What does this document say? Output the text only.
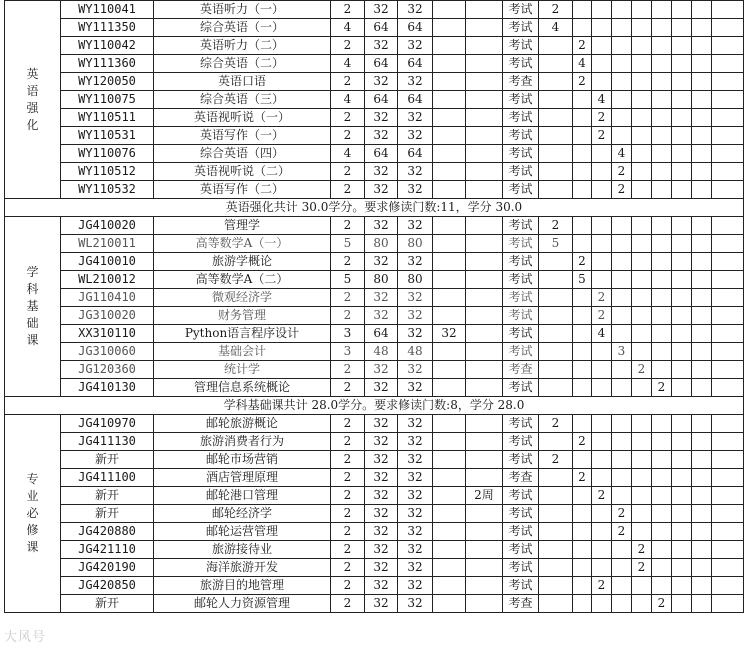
英
语
强
化	WY110041	英语听力（一）	2	32	32			考试	2								
	WY111350	综合英语（一）	4	64	64			考试	4								
	WY110042	英语听力（二）	2	32	32			考试		2							
	WY111360	综合英语（二）	4	64	64			考试		4							
	WY120050	英语口语	2	32	32			考查		2							
	WY110075	综合英语（三）	4	64	64			考试			4						
	WY110511	英语视听说（一）	2	32	32			考试			2						
	WY110531	英语写作（一）	2	32	32			考试			2						
	WY110076	综合英语（四）	4	64	64			考试				4					
	WY110512	英语视听说（二）	2	32	32			考试				2					
	WY110532	英语写作（二）	2	32	32			考试				2					
英语强化共计 30.0学分。要求修读门数:11，学分 30.0																	
学
科
基
础
课	JG410020	管理学	2	32	32			考试	2								
	WL210011	高等数学A（一）	5	80	80			考试	5								
	JG410010	旅游学概论	2	32	32			考试		2							
	WL210012	高等数学A（二）	5	80	80			考试		5							
	JG110410	微观经济学	2	32	32			考试			2						
	JG310020	财务管理	2	32	32			考试			2						
	XX310110	Python语言程序设计	3	64	32	32		考试			4						
	JG310060	基础会计	3	48	48			考试				3					
	JG120360	统计学	2	32	32			考查					2				
	JG410130	管理信息系统概论	2	32	32			考试						2			
学科基础课共计 28.0学分。要求修读门数:8，学分 28.0																	
专
业
必
修
课	JG410970	邮轮旅游概论	2	32	32			考试	2								
	JG411130	旅游消费者行为	2	32	32			考试		2							
	新开	邮轮市场营销	2	32	32			考试	2								
	JG411100	酒店管理原理	2	32	32			考查		2							
	新开	邮轮港口管理	2	32	32		2周	考试			2						
	新开	邮轮经济学	2	32	32			考试				2					
	JG420880	邮轮运营管理	2	32	32			考试				2					
	JG421110	旅游接待业	2	32	32			考试					2				
	JG420190	海洋旅游开发	2	32	32			考试					2				
	JG420850	旅游目的地管理	2	32	32			考试			2						
	新开	邮轮人力资源管理	2	32	32			考查						2			
大风号
